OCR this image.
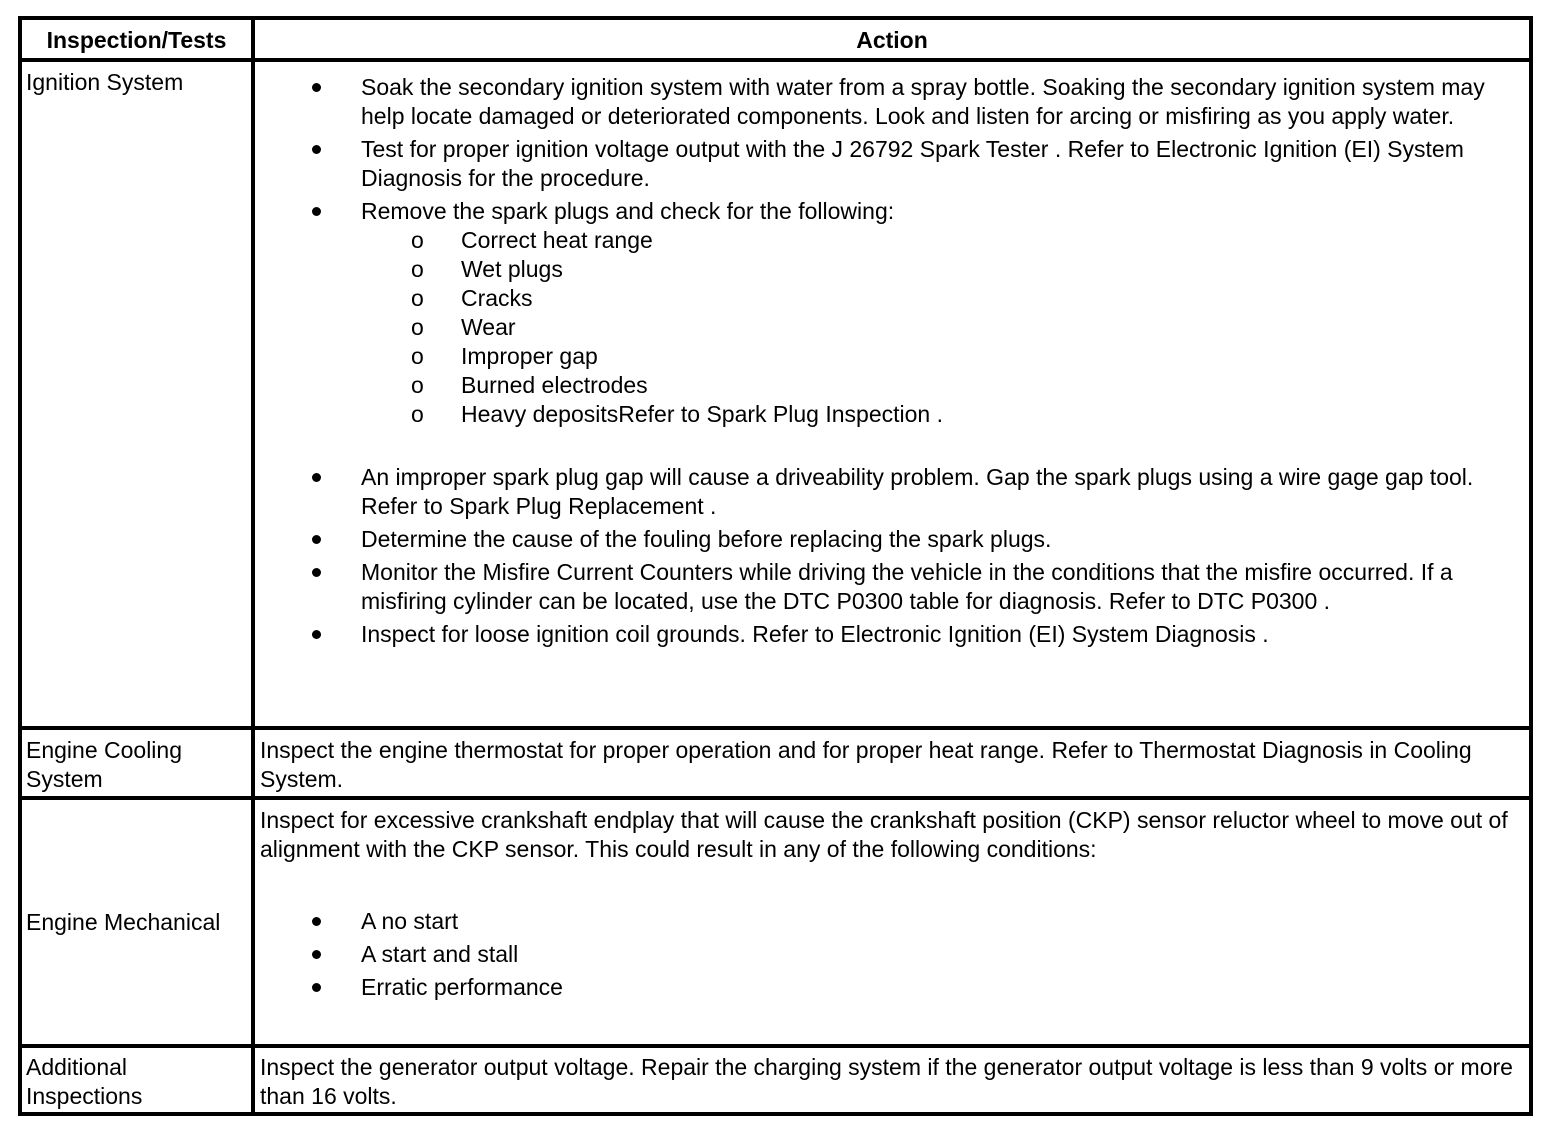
Inspection/Tests	Action
Ignition System	Soak the secondary ignition system with water from a spray bottle. Soaking the secondary ignition system may help locate damaged or deteriorated components. Look and listen for arcing or misfiring as you apply water.
Test for proper ignition voltage output with the J 26792 Spark Tester . Refer to Electronic Ignition (EI) System Diagnosis for the procedure.
Remove the spark plugs and check for the following:
o Correct heat range
o Wet plugs
o Cracks
o Wear
o Improper gap
o Burned electrodes
o Heavy depositsRefer to Spark Plug Inspection .
An improper spark plug gap will cause a driveability problem. Gap the spark plugs using a wire gage gap tool. Refer to Spark Plug Replacement .
Determine the cause of the fouling before replacing the spark plugs.
Monitor the Misfire Current Counters while driving the vehicle in the conditions that the misfire occurred. If a misfiring cylinder can be located, use the DTC P0300 table for diagnosis. Refer to DTC P0300 .
Inspect for loose ignition coil grounds. Refer to Electronic Ignition (EI) System Diagnosis .
Engine Cooling System
Inspect the engine thermostat for proper operation and for proper heat range. Refer to Thermostat Diagnosis in Cooling System.
Engine Mechanical
Inspect for excessive crankshaft endplay that will cause the crankshaft position (CKP) sensor reluctor wheel to move out of alignment with the CKP sensor. This could result in any of the following conditions:
A no start
A start and stall
Erratic performance
Additional Inspections
Inspect the generator output voltage. Repair the charging system if the generator output voltage is less than 9 volts or more than 16 volts.
